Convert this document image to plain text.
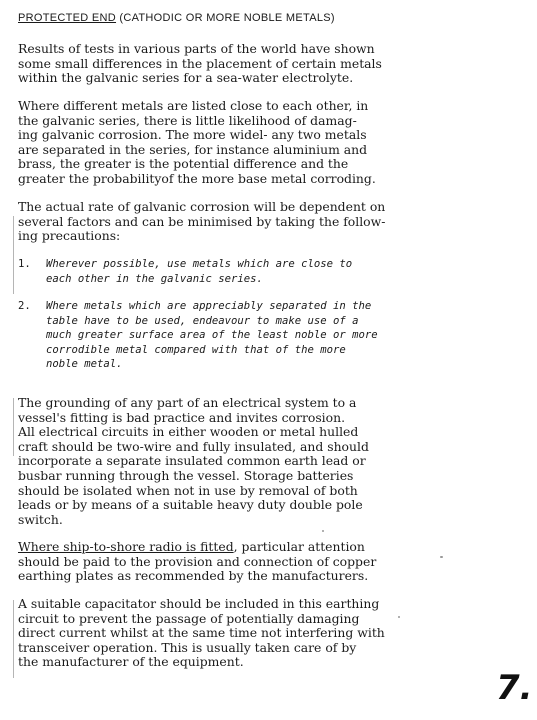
PROTECTED END (CATHODIC OR MORE NOBLE METALS)

Results of tests in various parts of the world have shown
some small differences in the placement of certain metals
within the galvanic series for a sea-water electrolyte.

Where different metals are listed close to each other, in
the galvanic series, there is little likelihood of damag-
ing galvanic corrosion. The more widel- any two metals
are separated in the series, for instance aluminium and
brass, the greater is the potential difference and the
greater the probabilityof the more base metal corroding.

The actual rate of galvanic corrosion will be dependent on
several factors and can be minimised by taking the follow-
ing precautions:

1. Wherever possible, use metals which are close to
each other in the galvanic series.
2. Where metals which are appreciably separated in the
table have to be used, endeavour to make use of a
much greater surface area of the least noble or more
corrodible metal compared with that of the more
noble metal.

The grounding of any part of an electrical system to a
vessel's fitting is bad practice and invites corrosion.
All electrical circuits in either wooden or metal hulled
craft should be two-wire and fully insulated, and should
incorporate a separate insulated common earth lead or
busbar running through the vessel. Storage batteries
should be isolated when not in use by removal of both
leads or by means of a suitable heavy duty double pole
switch.

Where ship-to-shore radio is fitted, particular attention
should be paid to the provision and connection of copper
earthing plates as recommended by the manufacturers.

A suitable capacitator should be included in this earthing
circuit to prevent the passage of potentially damaging
direct current whilst at the same time not interfering with
transceiver operation. This is usually taken care of by
the manufacturer of the equipment.

7.
